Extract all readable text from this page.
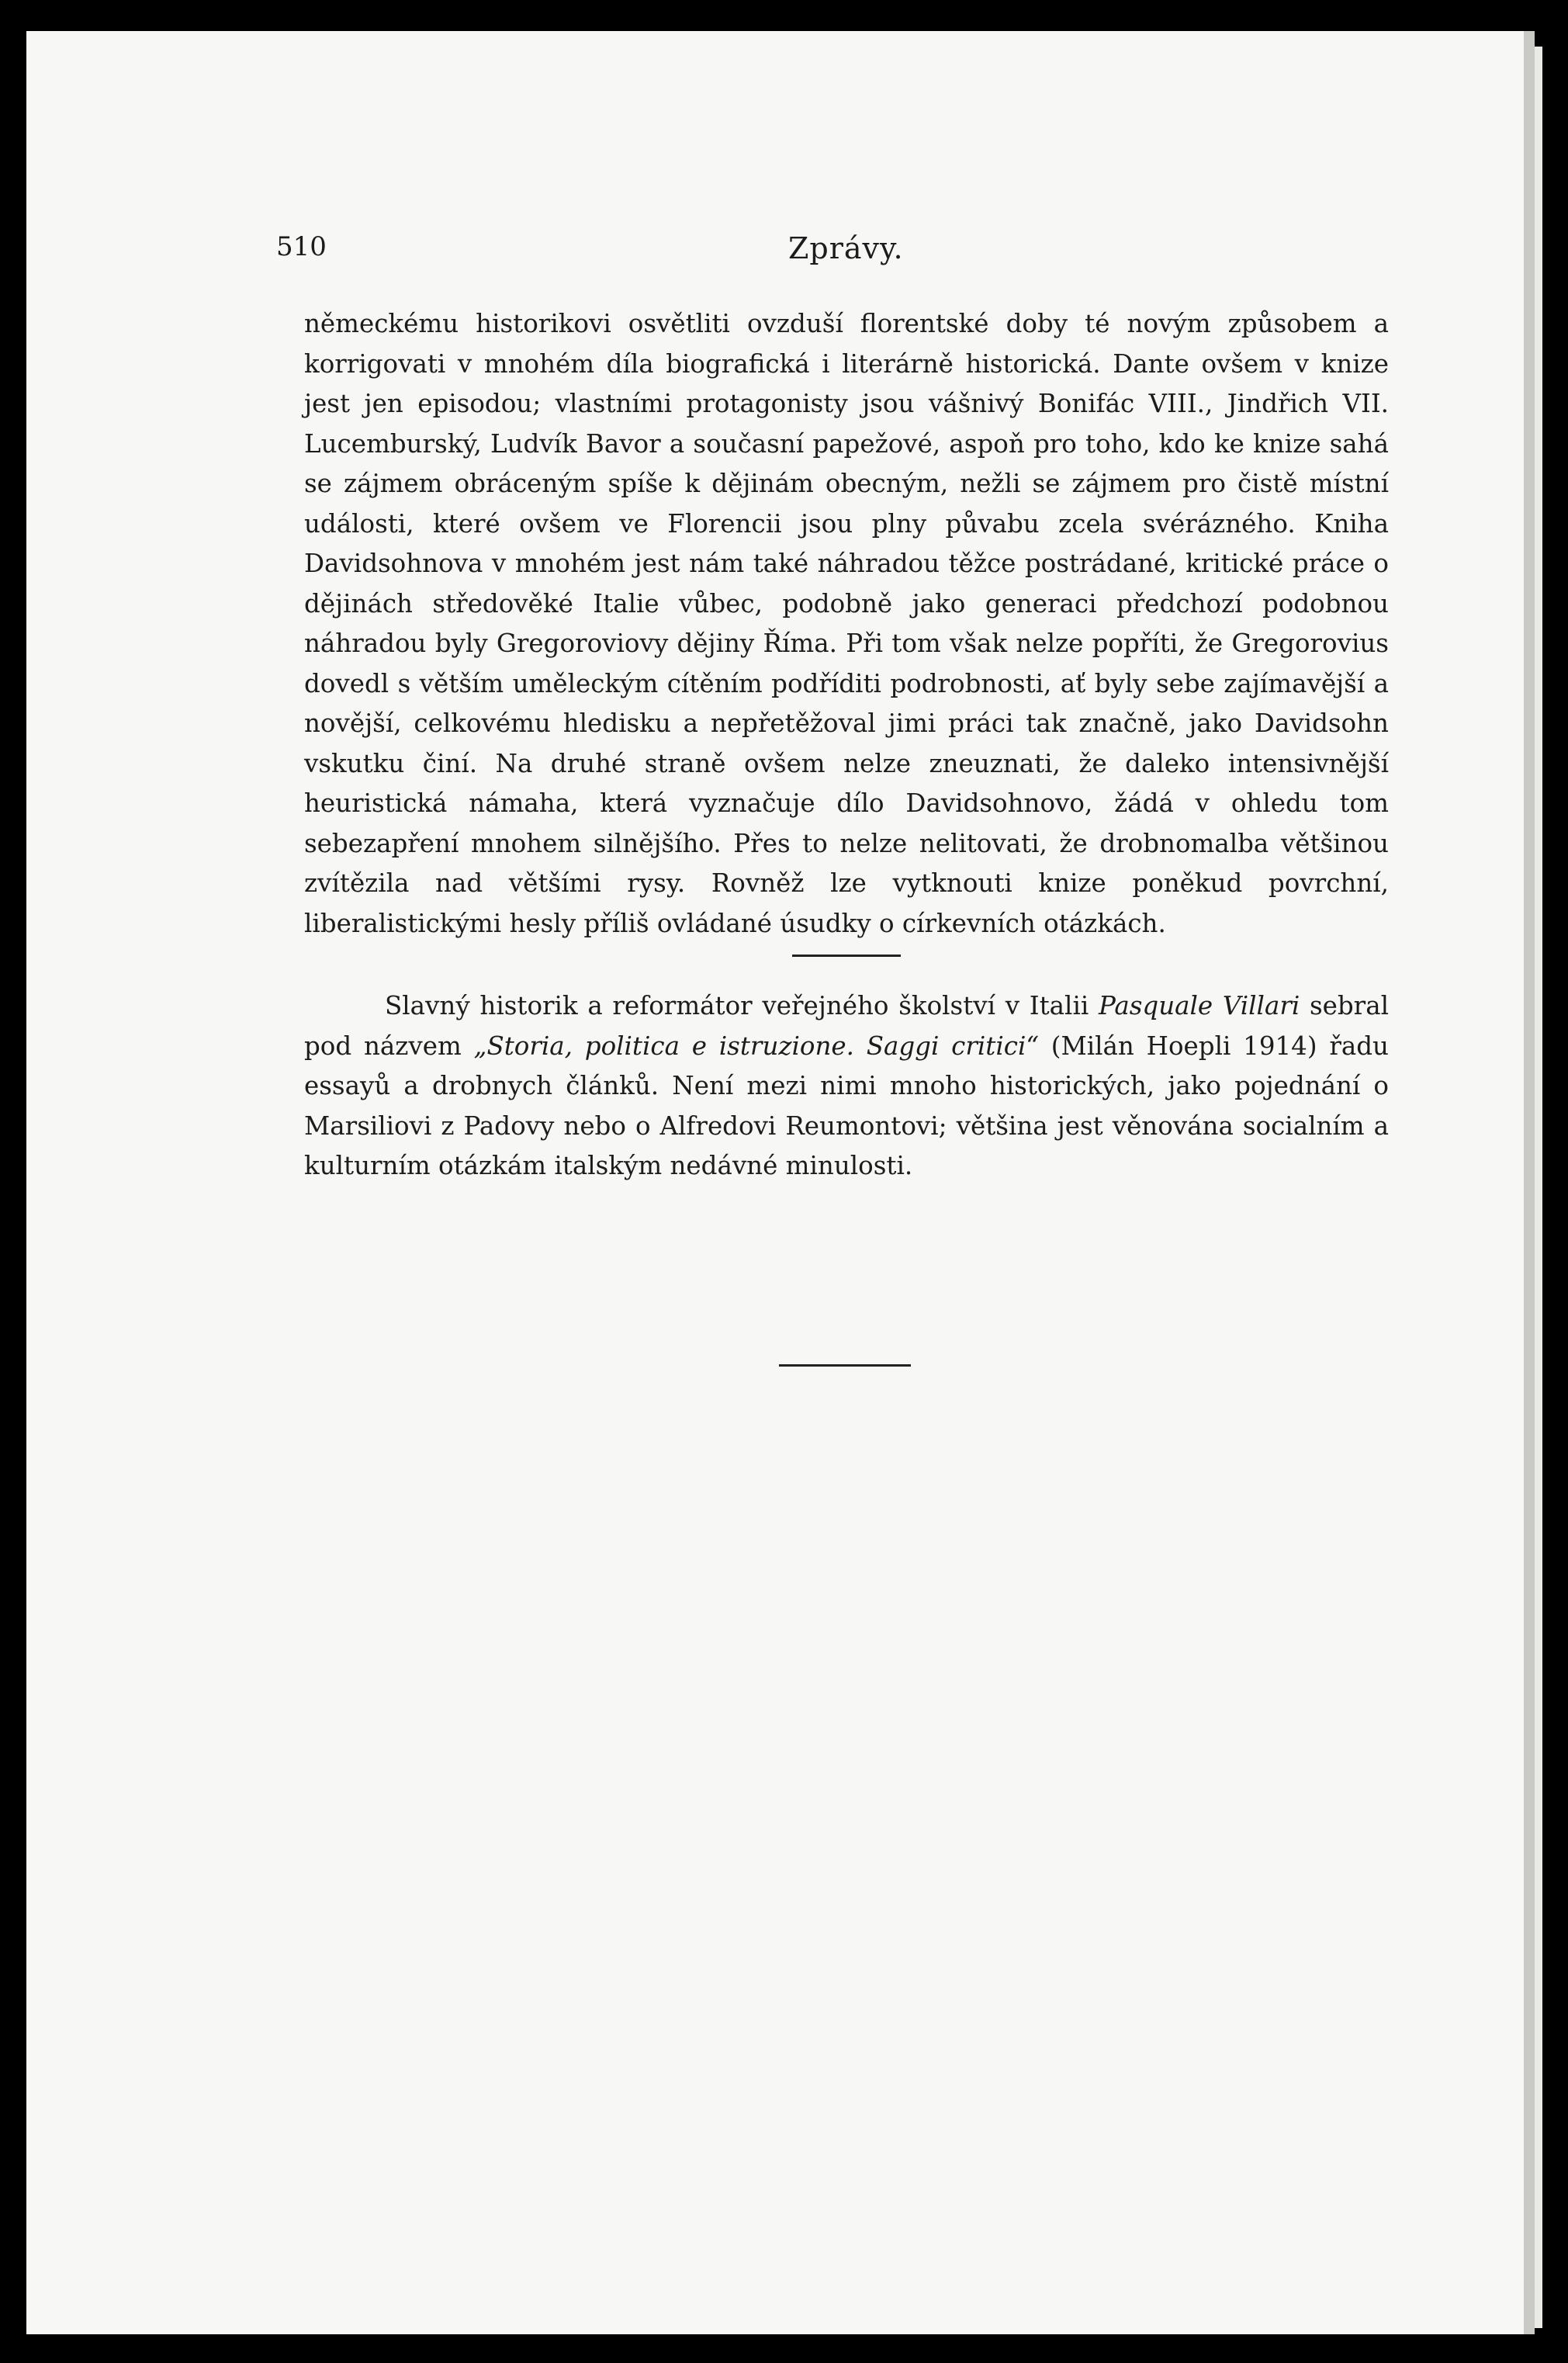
510	Zprávy.

německému historikovi osvětliti ovzduší florentské doby té novým způsobem a korrigovati v mnohém díla biografická i literárně historická. Dante ovšem v knize jest jen episodou; vlastními protagonisty jsou vášnivý Bonifác VIII., Jindřich VII. Lucemburský, Ludvík Bavor a současní papežové, aspoň pro toho, kdo ke knize sahá se zájmem obráceným spíše k dějinám obecným, nežli se zájmem pro čistě místní události, které ovšem ve Florencii jsou plny půvabu zcela svérázného. Kniha Davidsohnova v mnohém jest nám také náhradou těžce postrádané, kritické práce o dějinách středověké Italie vůbec, podobně jako generaci předchozí podobnou náhradou byly Gregoroviovy dějiny Říma. Při tom však nelze popříti, že Gregorovius dovedl s větším uměleckým cítěním podříditi podrobnosti, ať byly sebe zajímavější a novější, celkovému hledisku a nepřetěžoval jimi práci tak značně, jako Davidsohn vskutku činí. Na druhé straně ovšem nelze zneuznati, že daleko intensivnější heuristická námaha, která vyznačuje dílo Davidsohnovo, žádá v ohledu tom sebezapření mnohem silnějšího. Přes to nelze nelitovati, že drobnomalba většinou zvítězila nad většími rysy. Rovněž lze vytknouti knize poněkud povrchní, liberalistickými hesly příliš ovládané úsudky o církevních otázkách.

Slavný historik a reformátor veřejného školství v Italii Pasquale Villari sebral pod názvem „Storia, politica e istruzione. Saggi critici“ (Milán Hoepli 1914) řadu essayů a drobnych článků. Není mezi nimi mnoho historických, jako pojednání o Marsiliovi z Padovy nebo o Alfredovi Reumontovi; většina jest věnována socialním a kulturním otázkám italským nedávné minulosti.
